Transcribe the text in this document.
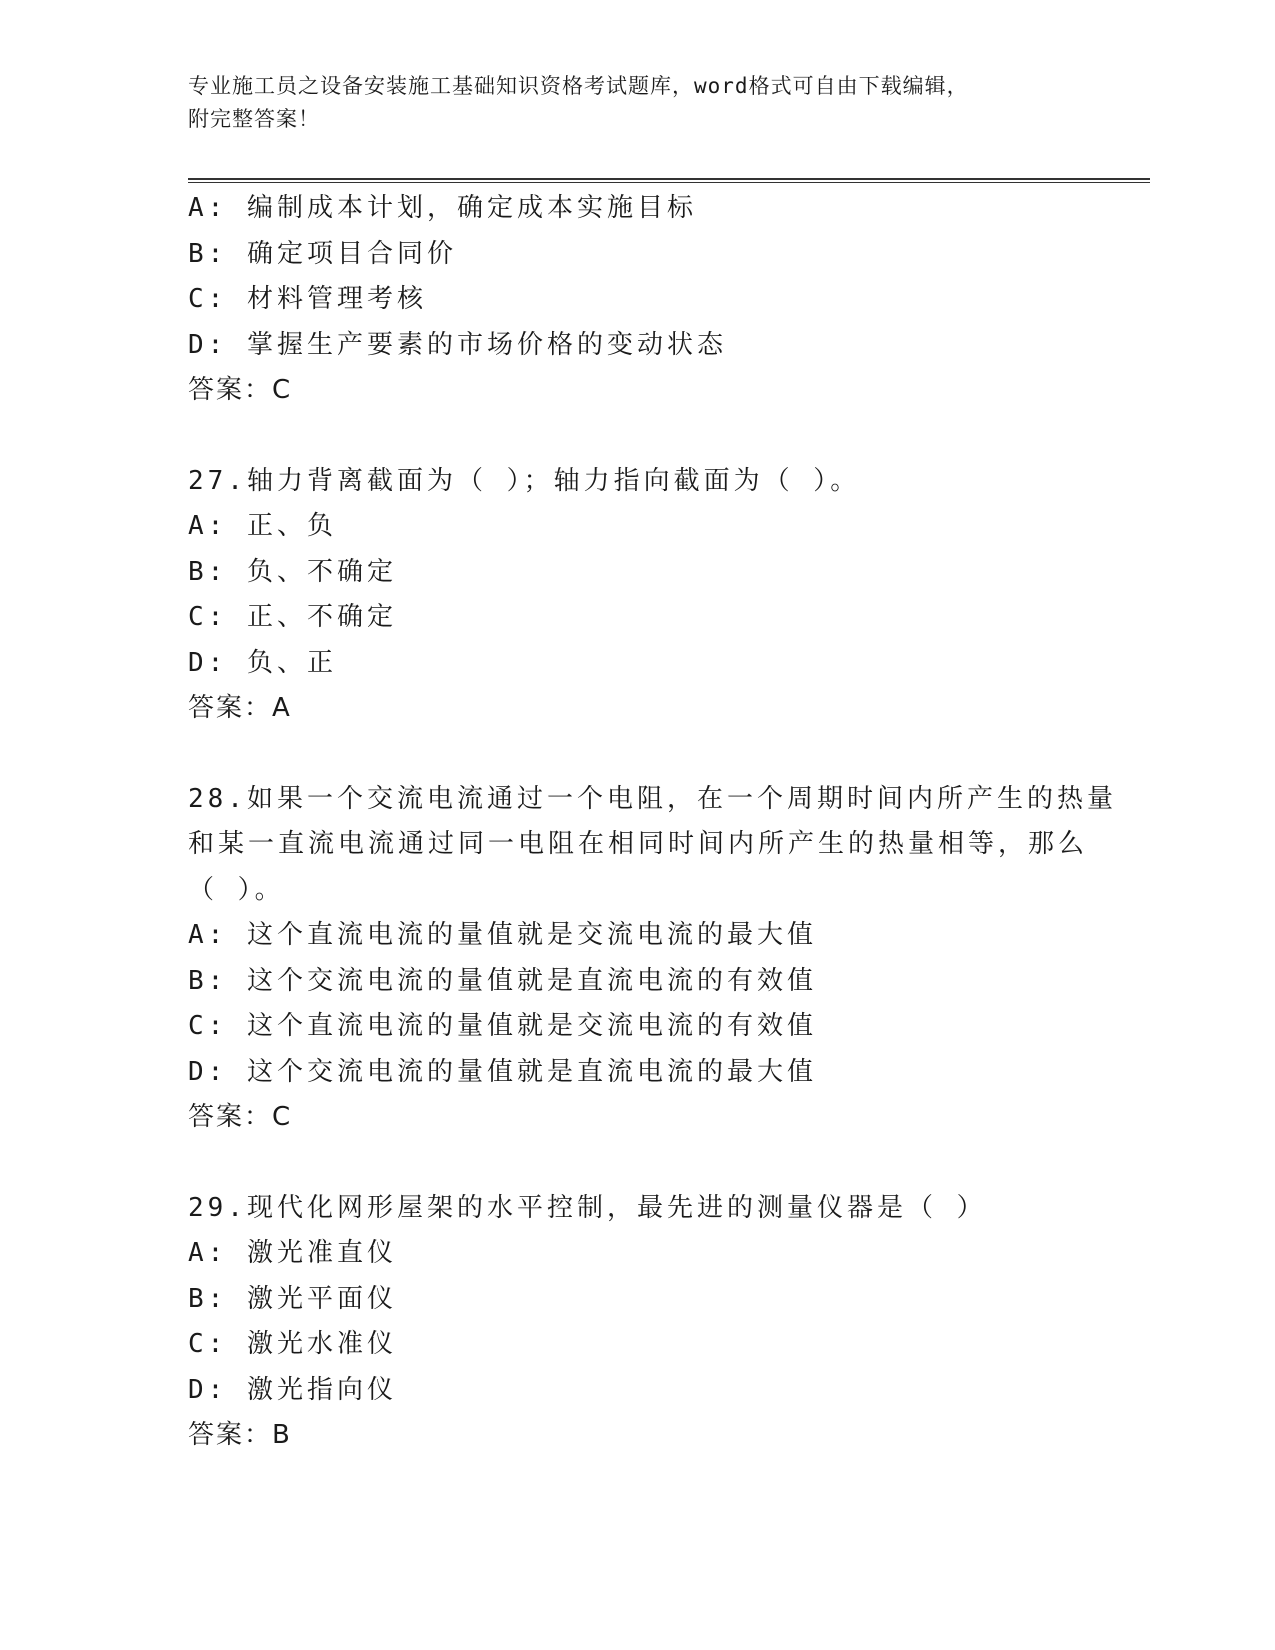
专业施工员之设备安装施工基础知识资格考试题库，word格式可自由下载编辑，
附完整答案！
A: 编制成本计划，确定成本实施目标
B: 确定项目合同价
C: 材料管理考核
D: 掌握生产要素的市场价格的变动状态
答案：C
27.轴力背离截面为（ ）；轴力指向截面为（ ）。
A: 正、负
B: 负、不确定
C: 正、不确定
D: 负、正
答案：A
28.如果一个交流电流通过一个电阻，在一个周期时间内所产生的热量
和某一直流电流通过同一电阻在相同时间内所产生的热量相等，那么
（ ）。
A: 这个直流电流的量值就是交流电流的最大值
B: 这个交流电流的量值就是直流电流的有效值
C: 这个直流电流的量值就是交流电流的有效值
D: 这个交流电流的量值就是直流电流的最大值
答案：C
29.现代化网形屋架的水平控制，最先进的测量仪器是（ ）
A: 激光准直仪
B: 激光平面仪
C: 激光水准仪
D: 激光指向仪
答案：B
